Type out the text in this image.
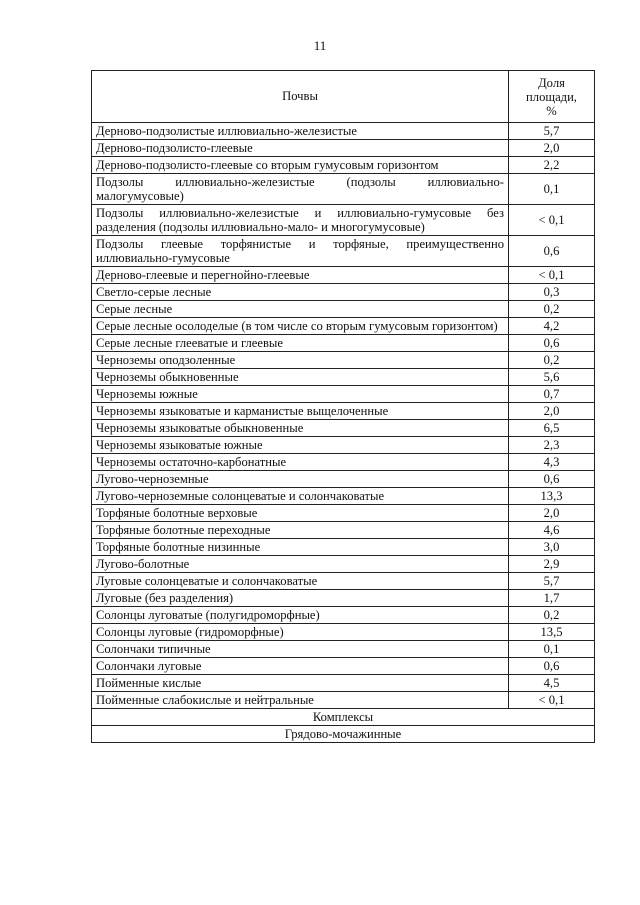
11
Почвы	Доля
площади,
%
Дерново-подзолистые иллювиально-железистые	5,7
Дерново-подзолисто-глеевые	2,0
Дерново-подзолисто-глеевые со вторым гумусовым горизонтом	2,2
Подзолы иллювиально-железистые (подзолы иллювиально-малогумусовые)	0,1
Подзолы иллювиально-железистые и иллювиально-гумусовые без разделения (подзолы иллювиально-мало- и многогумусовые)	< 0,1
Подзолы глеевые торфянистые и торфяные, преимущественно иллювиально-гумусовые	0,6
Дерново-глеевые и перегнойно-глеевые	< 0,1
Светло-серые лесные	0,3
Серые лесные	0,2
Серые лесные осолоделые (в том числе со вторым гумусовым горизонтом)	4,2
Серые лесные глееватые и глеевые	0,6
Черноземы оподзоленные	0,2
Черноземы обыкновенные	5,6
Черноземы южные	0,7
Черноземы языковатые и карманистые выщелоченные	2,0
Черноземы языковатые обыкновенные	6,5
Черноземы языковатые южные	2,3
Черноземы остаточно-карбонатные	4,3
Лугово-черноземные	0,6
Лугово-черноземные солонцеватые и солончаковатые	13,3
Торфяные болотные верховые	2,0
Торфяные болотные переходные	4,6
Торфяные болотные низинные	3,0
Лугово-болотные	2,9
Луговые солонцеватые и солончаковатые	5,7
Луговые (без разделения)	1,7
Солонцы луговатые (полугидроморфные)	0,2
Солонцы луговые (гидроморфные)	13,5
Солончаки типичные	0,1
Солончаки луговые	0,6
Пойменные кислые	4,5
Пойменные слабокислые и нейтральные	< 0,1
Комплексы	
Грядово-мочажинные	
